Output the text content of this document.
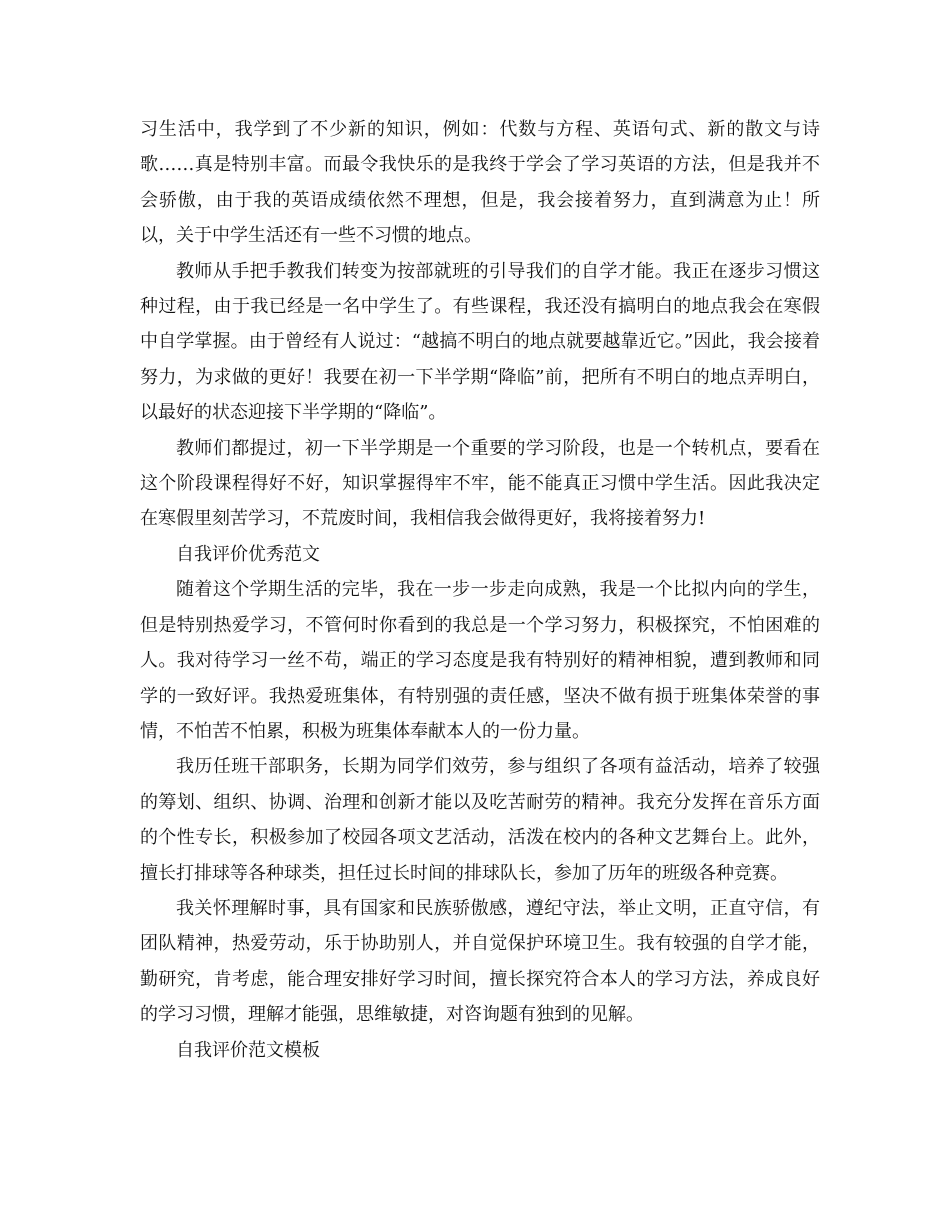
习生活中，我学到了不少新的知识，例如：代数与方程、英语句式、新的散文与诗歌……真是特别丰富。而最令我快乐的是我终于学会了学习英语的方法，但是我并不会骄傲，由于我的英语成绩依然不理想，但是，我会接着努力，直到满意为止！所以，关于中学生活还有一些不习惯的地点。

教师从手把手教我们转变为按部就班的引导我们的自学才能。我正在逐步习惯这种过程，由于我已经是一名中学生了。有些课程，我还没有搞明白的地点我会在寒假中自学掌握。由于曾经有人说过：“越搞不明白的地点就要越靠近它。”因此，我会接着努力，为求做的更好！我要在初一下半学期“降临”前，把所有不明白的地点弄明白，以最好的状态迎接下半学期的“降临”。

教师们都提过，初一下半学期是一个重要的学习阶段，也是一个转机点，要看在这个阶段课程得好不好，知识掌握得牢不牢，能不能真正习惯中学生活。因此我决定在寒假里刻苦学习，不荒废时间，我相信我会做得更好，我将接着努力!

自我评价优秀范文

随着这个学期生活的完毕，我在一步一步走向成熟，我是一个比拟内向的学生，但是特别热爱学习，不管何时你看到的我总是一个学习努力，积极探究，不怕困难的人。我对待学习一丝不苟，端正的学习态度是我有特别好的精神相貌，遭到教师和同学的一致好评。我热爱班集体，有特别强的责任感，坚决不做有损于班集体荣誉的事情，不怕苦不怕累，积极为班集体奉献本人的一份力量。

我历任班干部职务，长期为同学们效劳，参与组织了各项有益活动，培养了较强的筹划、组织、协调、治理和创新才能以及吃苦耐劳的精神。我充分发挥在音乐方面的个性专长，积极参加了校园各项文艺活动，活泼在校内的各种文艺舞台上。此外，擅长打排球等各种球类，担任过长时间的排球队长，参加了历年的班级各种竞赛。

我关怀理解时事，具有国家和民族骄傲感，遵纪守法，举止文明，正直守信，有团队精神，热爱劳动，乐于协助别人，并自觉保护环境卫生。我有较强的自学才能，勤研究，肯考虑，能合理安排好学习时间，擅长探究符合本人的学习方法，养成良好的学习习惯，理解才能强，思维敏捷，对咨询题有独到的见解。

自我评价范文模板
